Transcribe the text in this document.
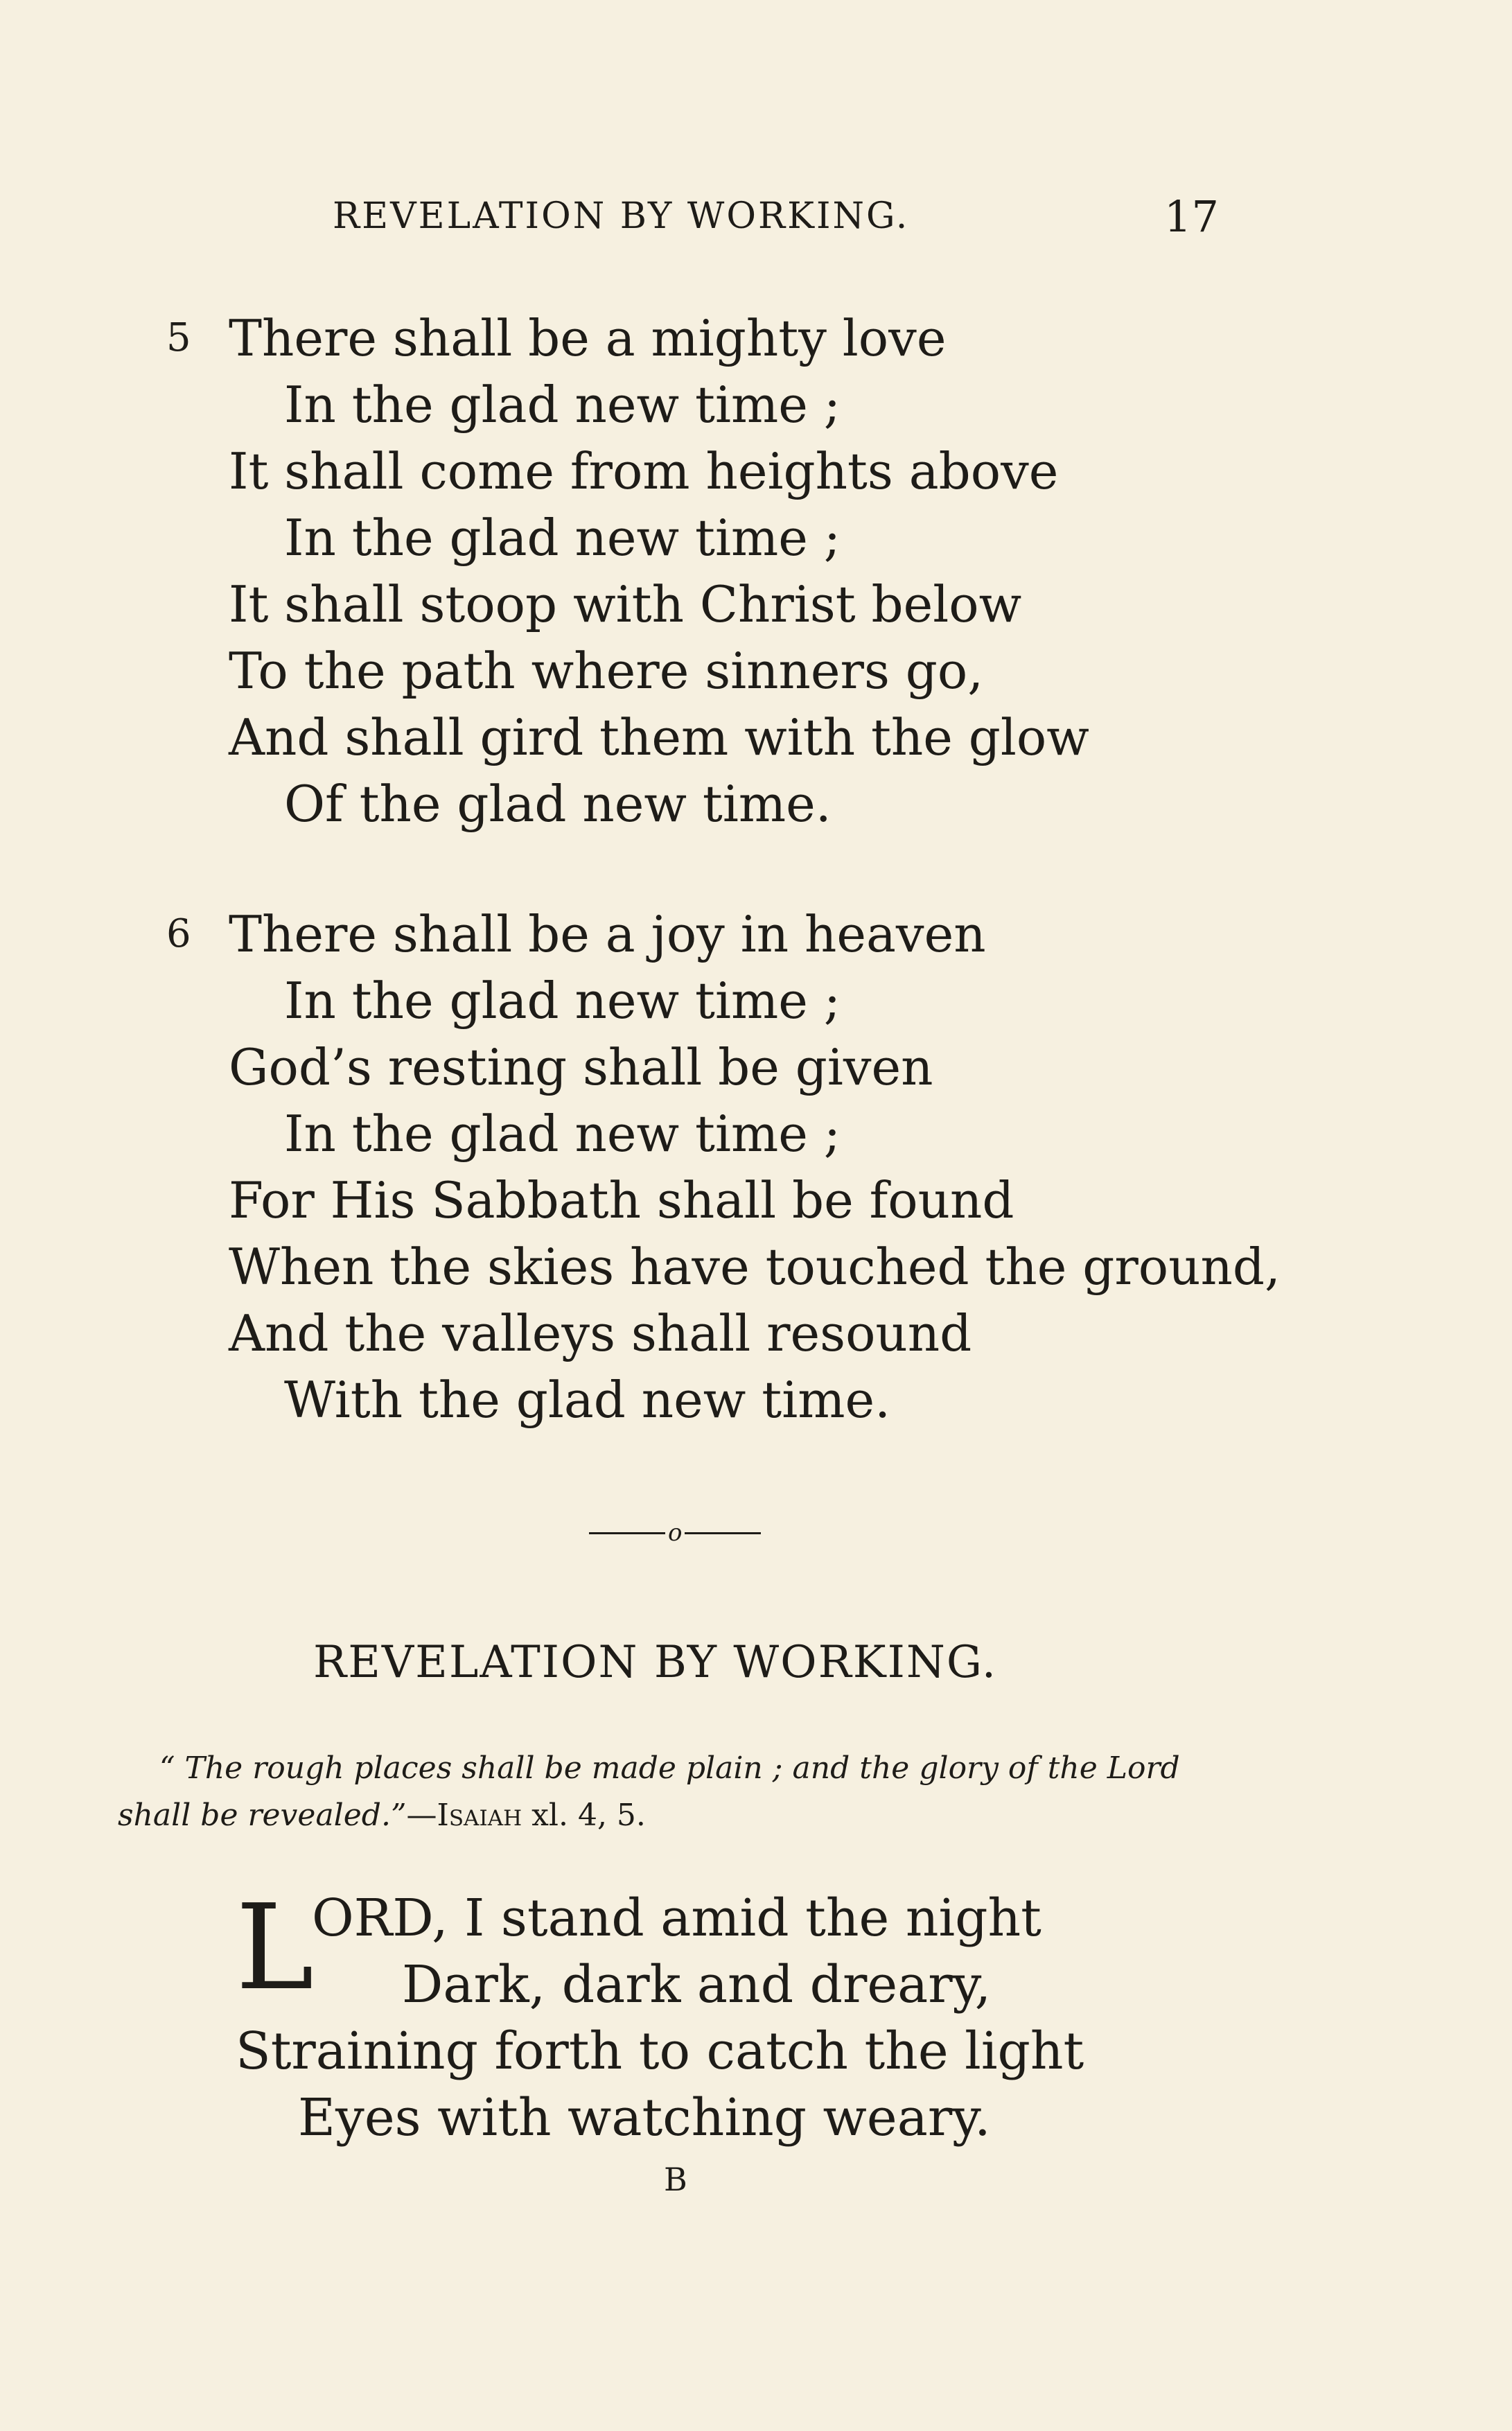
REVELATION BY WORKING.	17
5 There shall be a mighty love
In the glad new time ;
It shall come from heights above
In the glad new time ;
It shall stoop with Christ below
To the path where sinners go,
And shall gird them with the glow
Of the glad new time.
6 There shall be a joy in heaven
In the glad new time ;
God’s resting shall be given
In the glad new time ;
For His Sabbath shall be found
When the skies have touched the ground,
And the valleys shall resound
With the glad new time.
o
REVELATION BY WORKING.
“ The rough places shall be made plain ; and the glory of the Lord
shall be revealed.”—Isaiah xl. 4, 5.
L
ORD, I stand amid the night
Dark, dark and dreary,
Straining forth to catch the light
Eyes with watching weary.
B
